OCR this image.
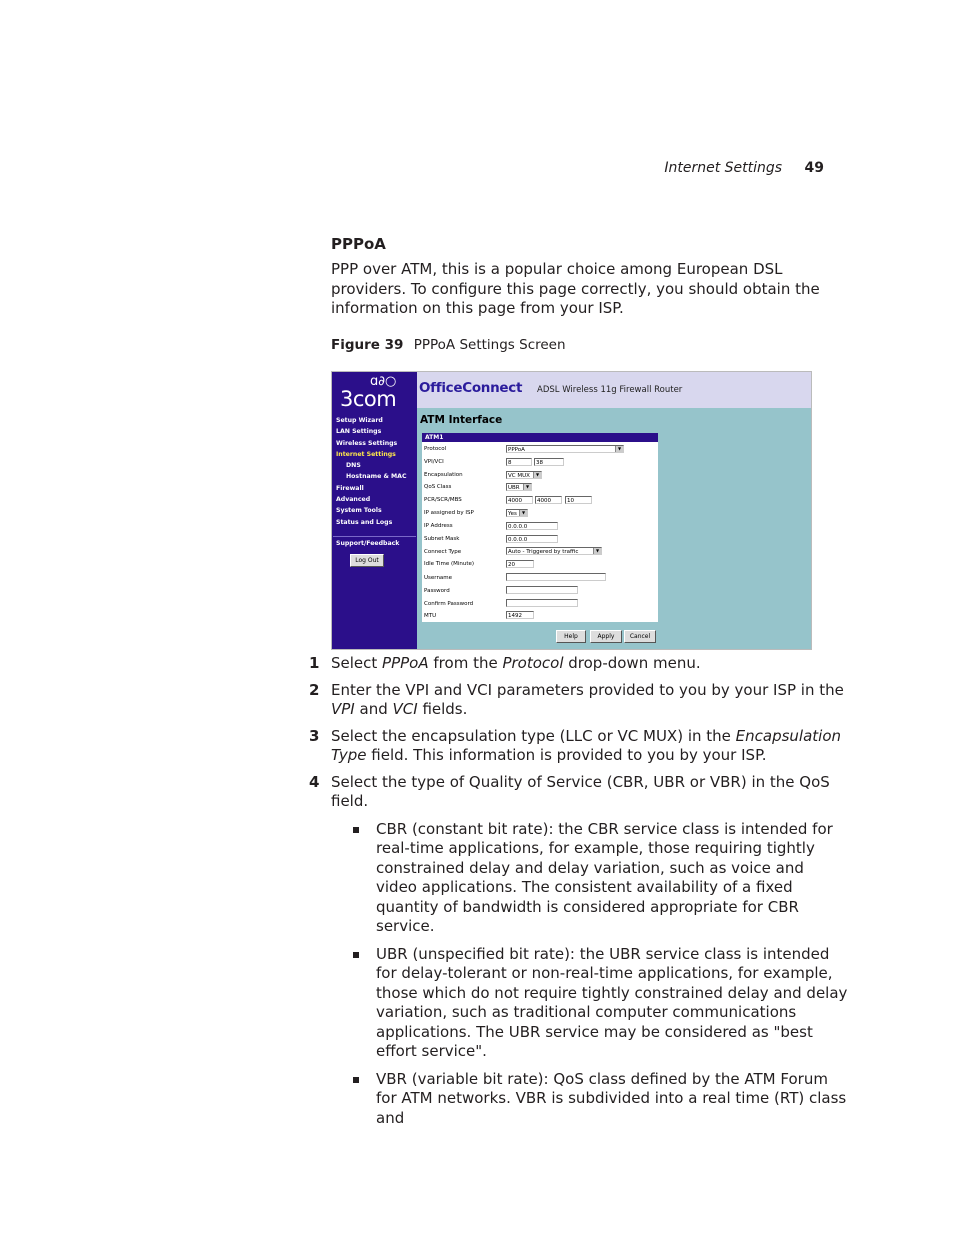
Internet Settings 49
PPPoA
PPP over ATM, this is a popular choice among European DSL providers. To configure this page correctly, you should obtain the information on this page from your ISP.
Figure 39 PPPoA Settings Screen
ɑ∂○
3com
Setup Wizard
LAN Settings
Wireless Settings
Internet Settings
DNS
Hostname & MAC
Firewall
Advanced
System Tools
Status and Logs
Support/Feedback
Log Out
OfficeConnect ADSL Wireless 11g Firewall Router
ATM Interface
ATM1
Protocol	PPPoA	▼
VPI/VCI	8	38
Encapsulation	VC MUX	▼
QoS Class	UBR	▼
PCR/SCR/MBS	4000	4000	10
IP assigned by ISP	Yes	▼
IP Address	0.0.0.0
Subnet Mask	0.0.0.0
Connect Type	Auto - Triggered by traffic	▼
Idle Time (Minute)	20
Username
Password
Confirm Password
MTU	1492
Help	Apply	Cancel
1 Select PPPoA from the Protocol drop-down menu.
2 Enter the VPI and VCI parameters provided to you by your ISP in the VPI and VCI fields.
3 Select the encapsulation type (LLC or VC MUX) in the Encapsulation Type field. This information is provided to you by your ISP.
4 Select the type of Quality of Service (CBR, UBR or VBR) in the QoS field.
CBR (constant bit rate): the CBR service class is intended for real-time applications, for example, those requiring tightly constrained delay and delay variation, such as voice and video applications. The consistent availability of a fixed quantity of bandwidth is considered appropriate for CBR service.
UBR (unspecified bit rate): the UBR service class is intended for delay-tolerant or non-real-time applications, for example, those which do not require tightly constrained delay and delay variation, such as traditional computer communications applications. The UBR service may be considered as "best effort service".
VBR (variable bit rate): QoS class defined by the ATM Forum for ATM networks. VBR is subdivided into a real time (RT) class and
